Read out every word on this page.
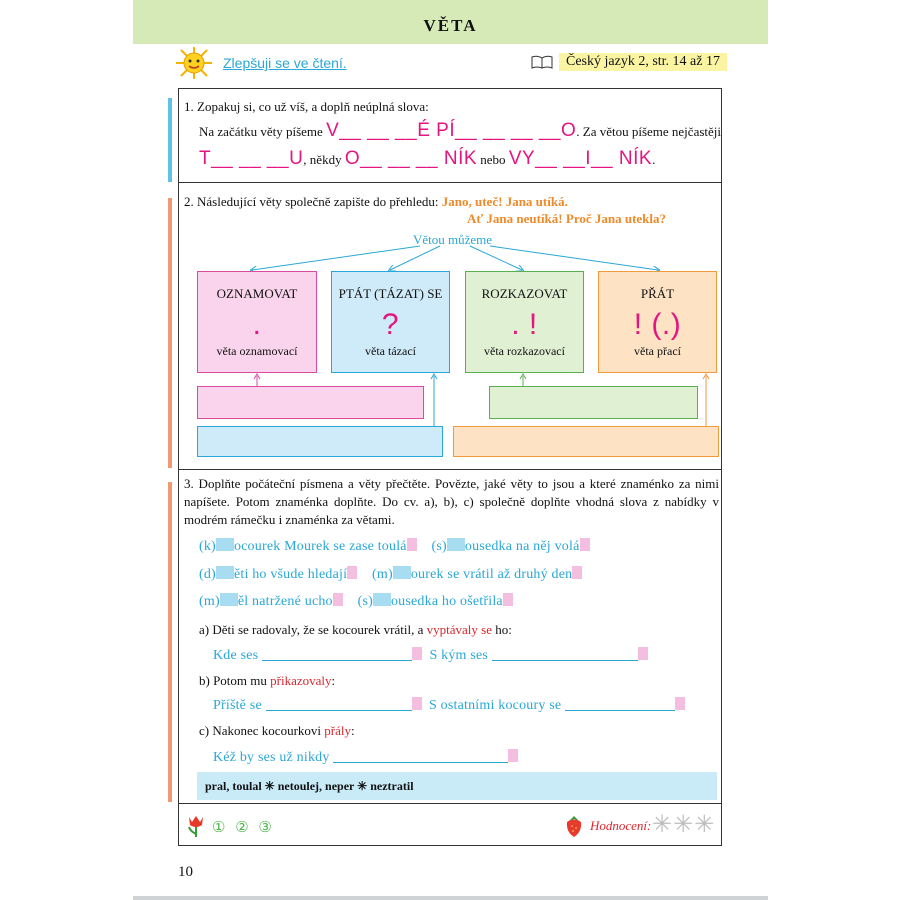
VĚTA
Zlepšuji se ve čtení.	Český jazyk 2, str. 14 až 17
1. Zopakuj si, co už víš, a doplň neúplná slova:
Na začátku věty píšeme V__ __ __É PÍ__ __ __ __O. Za větou píšeme nejčastěji
T__ __ __U, někdy O__ __ __ NÍK nebo VY__ __I__ NÍK.
2. Následující věty společně zapište do přehledu: Jano, uteč! Jana utíká.
Ať Jana neutíká! Proč Jana utekla?
Větou můžeme
OZNAMOVAT
.
věta oznamovací
PTÁT (TÁZAT) SE
?
věta tázací
ROZKAZOVAT
. !
věta rozkazovací
PŘÁT
! (.)
věta přací
3. Doplňte počáteční písmena a věty přečtěte. Povězte, jaké věty to jsou a které znaménko za nimi napíšete. Potom znaménka doplňte. Do cv. a), b), c) společně doplňte vhodná slova z nabídky v modrém rámečku i znaménka za větami.
(k) ocourek Mourek se zase toulá (s) ousedka na něj volá
(d) ěti ho všude hledají (m) ourek se vrátil až druhý den
(m) ěl natržené ucho (s) ousedka ho ošetřila
a) Děti se radovaly, že se kocourek vrátil, a vyptávaly se ho:
Kde ses	S kým ses
b) Potom mu přikazovaly:
Příště se	S ostatními kocoury se
c) Nakonec kocourkovi přály:
Kéž by ses už nikdy
pral, toulal ✳ netoulej, neper ✳ neztratil
① ② ③	Hodnocení: ✳✳✳
10
